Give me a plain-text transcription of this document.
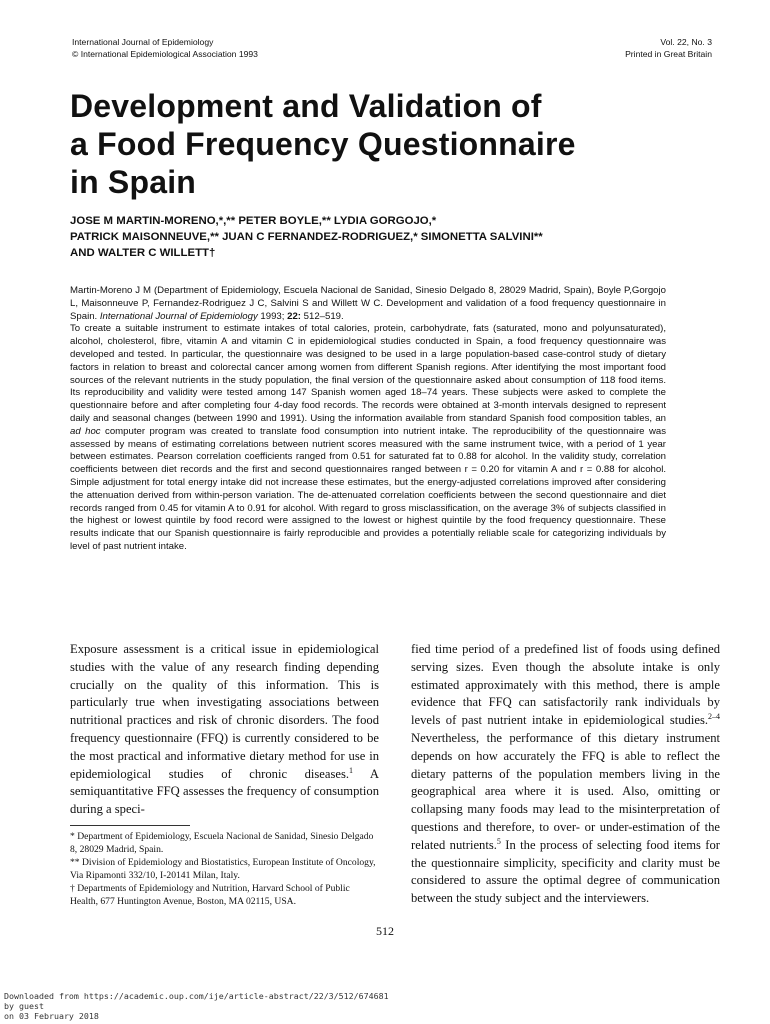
International Journal of Epidemiology
© International Epidemiological Association 1993
Vol. 22, No. 3
Printed in Great Britain
Development and Validation of
a Food Frequency Questionnaire
in Spain
JOSE M MARTIN-MORENO,*,** PETER BOYLE,** LYDIA GORGOJO,*
PATRICK MAISONNEUVE,** JUAN C FERNANDEZ-RODRIGUEZ,* SIMONETTA SALVINI**
AND WALTER C WILLETT†

Martin-Moreno J M (Department of Epidemiology, Escuela Nacional de Sanidad, Sinesio Delgado 8, 28029 Madrid, Spain), Boyle P,Gorgojo L, Maisonneuve P, Fernandez-Rodriguez J C, Salvini S and Willett W C. Development and validation of a food frequency questionnaire in Spain. International Journal of Epidemiology 1993; 22: 512–519.

To create a suitable instrument to estimate intakes of total calories, protein, carbohydrate, fats (saturated, mono and polyunsaturated), alcohol, cholesterol, fibre, vitamin A and vitamin C in epidemiological studies conducted in Spain, a food frequency questionnaire was developed and tested. In particular, the questionnaire was designed to be used in a large population-based case-control study of dietary factors in relation to breast and colorectal cancer among women from different Spanish regions. After identifying the most important food sources of the relevant nutrients in the study population, the final version of the questionnaire asked about consumption of 118 food items. Its reproducibility and validity were tested among 147 Spanish women aged 18–74 years. These subjects were asked to complete the questionnaire before and after completing four 4-day food records. The records were obtained at 3-month intervals designed to represent daily and seasonal changes (between 1990 and 1991). Using the information available from standard Spanish food composition tables, an ad hoc computer program was created to translate food consumption into nutrient intake. The reproducibility of the questionnaire was assessed by means of estimating correlations between nutrient scores measured with the same instrument twice, with a period of 1 year between estimates. Pearson correlation coefficients ranged from 0.51 for saturated fat to 0.88 for alcohol. In the validity study, correlation coefficients between diet records and the first and second questionnaires ranged between r = 0.20 for vitamin A and r = 0.88 for alcohol. Simple adjustment for total energy intake did not increase these estimates, but the energy-adjusted correlations improved after considering the attenuation derived from within-person variation. The de-attenuated correlation coefficients between the second questionnaire and diet records ranged from 0.45 for vitamin A to 0.91 for alcohol. With regard to gross misclassification, on the average 3% of subjects classified in the highest or lowest quintile by food record were assigned to the lowest or highest quintile by the food frequency questionnaire. These results indicate that our Spanish questionnaire is fairly reproducible and provides a potentially reliable scale for categorizing individuals by level of past nutrient intake.

Exposure assessment is a critical issue in epidemiological studies with the value of any research finding depending crucially on the quality of this information. This is particularly true when investigating associations between nutritional practices and risk of chronic disorders. The food frequency questionnaire (FFQ) is currently considered to be the most practical and informative dietary method for use in epidemiological studies of chronic diseases.$^1$ A semiquantitative FFQ assesses the frequency of consumption during a speci-

* Department of Epidemiology, Escuela Nacional de Sanidad, Sinesio Delgado 8, 28029 Madrid, Spain.
** Division of Epidemiology and Biostatistics, European Institute of Oncology, Via Ripamonti 332/10, I-20141 Milan, Italy.
† Departments of Epidemiology and Nutrition, Harvard School of Public Health, 677 Huntington Avenue, Boston, MA 02115, USA.

fied time period of a predefined list of foods using defined serving sizes. Even though the absolute intake is only estimated approximately with this method, there is ample evidence that FFQ can satisfactorily rank individuals by levels of past nutrient intake in epidemiological studies.$^{2-4}$ Nevertheless, the performance of this dietary instrument depends on how accurately the FFQ is able to reflect the dietary patterns of the population members living in the geographical area where it is used. Also, omitting or collapsing many foods may lead to the misinterpretation of questions and therefore, to over- or under-estimation of the related nutrients.$^5$ In the process of selecting food items for the questionnaire simplicity, specificity and clarity must be considered to assure the optimal degree of communication between the study subject and the interviewers.

512
Downloaded from https://academic.oup.com/ije/article-abstract/22/3/512/674681
by guest
on 03 February 2018
